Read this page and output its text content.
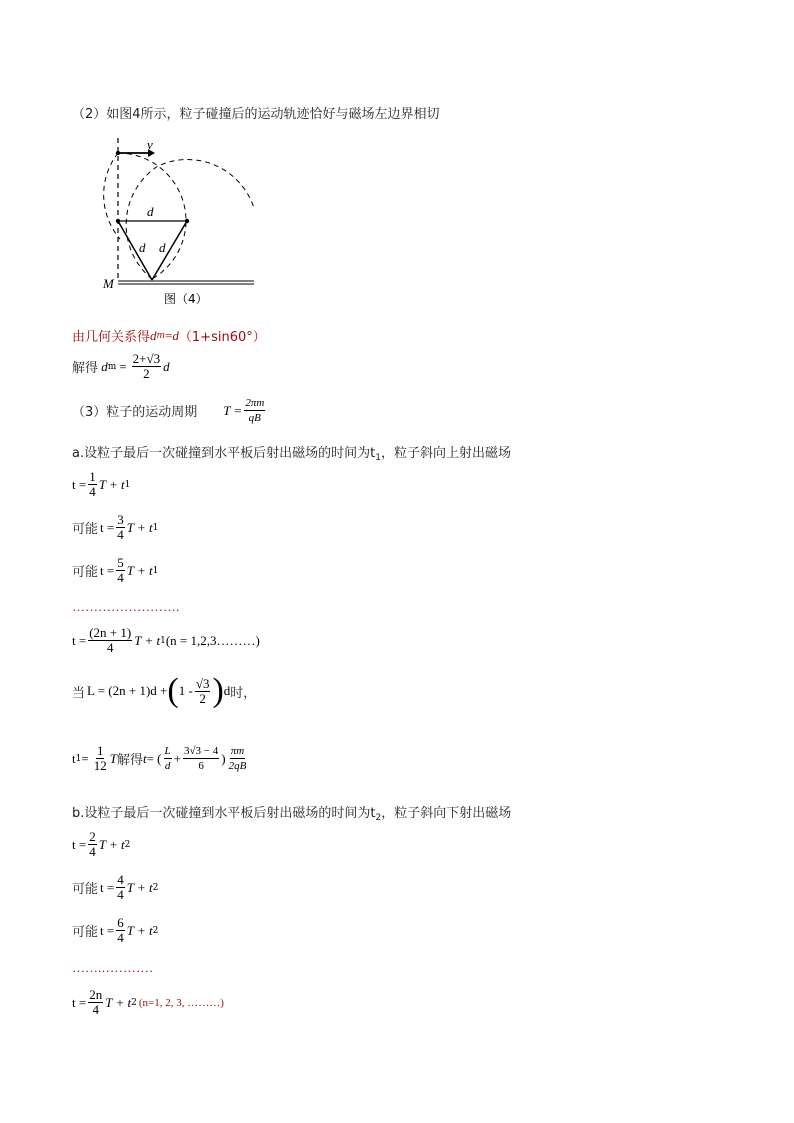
（2）如图4所示，粒子碰撞后的运动轨迹恰好与磁场左边界相切
v
d
d d
M
图（4）
由几何关系得 d m = d （1+sin60°）
解得
d $m = \frac{2+√3}{2}$ d
（3）粒子的运动周期 $T = \frac{2\pi m}{qB}$
a.设粒子最后一次碰撞到水平板后射出磁场的时间为$t_1$，粒子斜向上射出磁场
$t = \frac{1}{4}$ T + t 1
可能 $t = \frac{3}{4}$ T + t 1
可能 $t = \frac{5}{4}$ T + t 1
…………………….
$t = \frac{(2n + 1)}{4}$ T + t 1 (n = 1,2,3………)
当 L = (2n + 1)d + ( $1 - \frac{√3}{2}$ ) d 时，
t $1 = \frac{1}{12}$ T 解得 t = ( $\frac{L}{d} + \frac{3√3 - 4}{6}$ ) $\frac{\pi m}{2qB}$
b.设粒子最后一次碰撞到水平板后射出磁场的时间为$t_2$，粒子斜向下射出磁场
$t = \frac{2}{4}$ T + t 2
可能 $t = \frac{4}{4}$ T + t 2
可能 $t = \frac{6}{4}$ T + t 2
…….…………
$t = \frac{2n}{4}$ T + t 2 (n=1, 2, 3, ………)
